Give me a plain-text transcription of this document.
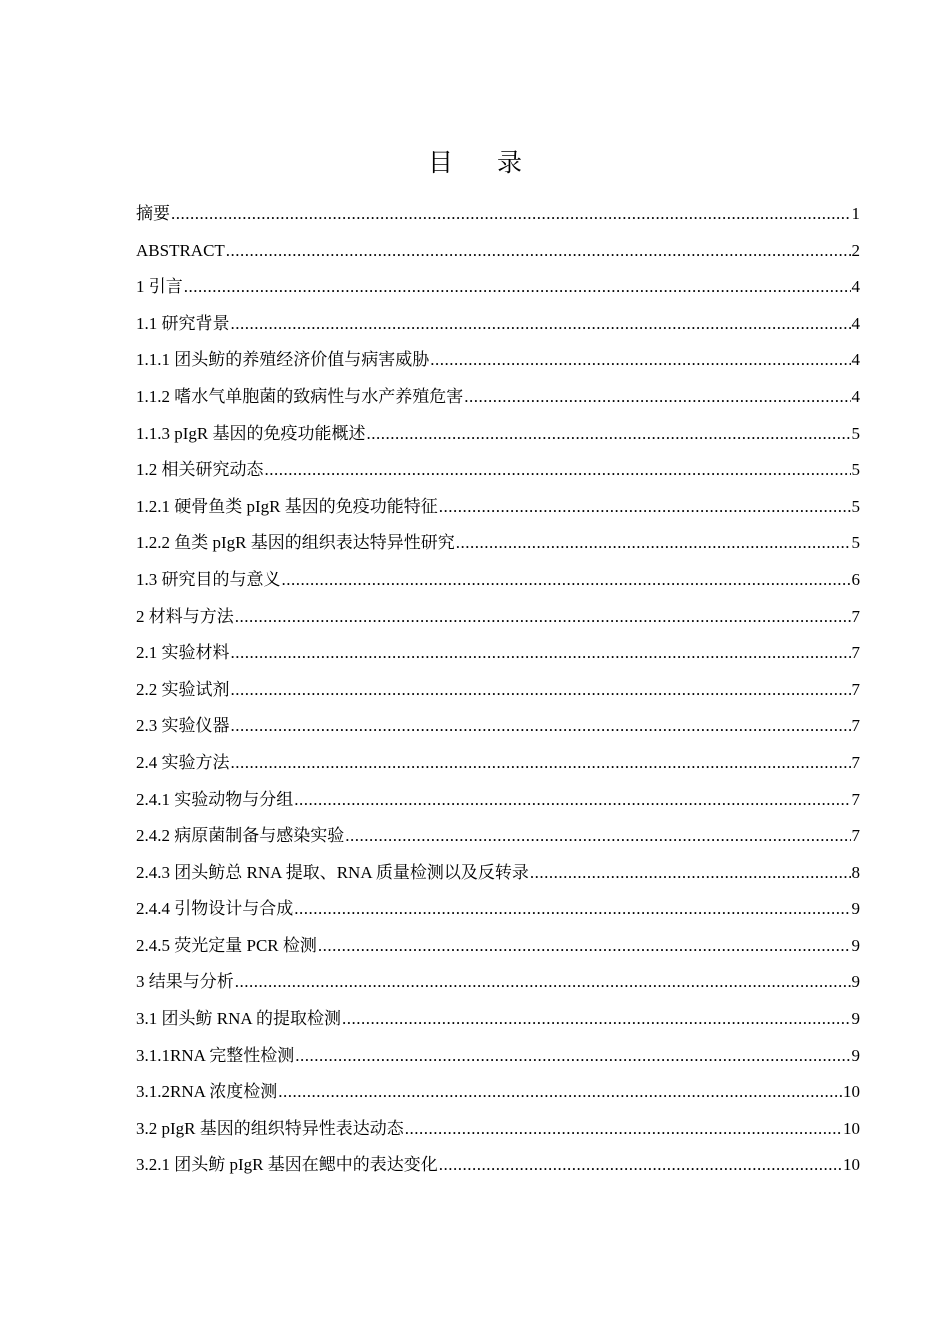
目录
摘要 .....	1
ABSTRACT .....	2
1 引言 .....	4
1.1 研究背景 .....	4
1.1.1 团头鲂的养殖经济价值与病害威胁 .....	4
1.1.2 嗜水气单胞菌的致病性与水产养殖危害 .....	4
1.1.3 pIgR 基因的免疫功能概述 .....	5
1.2 相关研究动态 .....	5
1.2.1 硬骨鱼类 pIgR 基因的免疫功能特征 .....	5
1.2.2 鱼类 pIgR 基因的组织表达特异性研究 .....	5
1.3 研究目的与意义 .....	6
2 材料与方法 .....	7
2.1 实验材料 .....	7
2.2 实验试剂 .....	7
2.3 实验仪器 .....	7
2.4 实验方法 .....	7
2.4.1 实验动物与分组 .....	7
2.4.2 病原菌制备与感染实验 .....	7
2.4.3 团头鲂总 RNA 提取、RNA 质量检测以及反转录 .....	8
2.4.4 引物设计与合成 .....	9
2.4.5 荧光定量 PCR 检测 .....	9
3 结果与分析 .....	9
3.1 团头鲂 RNA 的提取检测 .....	9
3.1.1RNA 完整性检测 .....	9
3.1.2RNA 浓度检测 .....	10
3.2 pIgR 基因的组织特异性表达动态 .....	10
3.2.1 团头鲂 pIgR 基因在鳃中的表达变化 .....	10
